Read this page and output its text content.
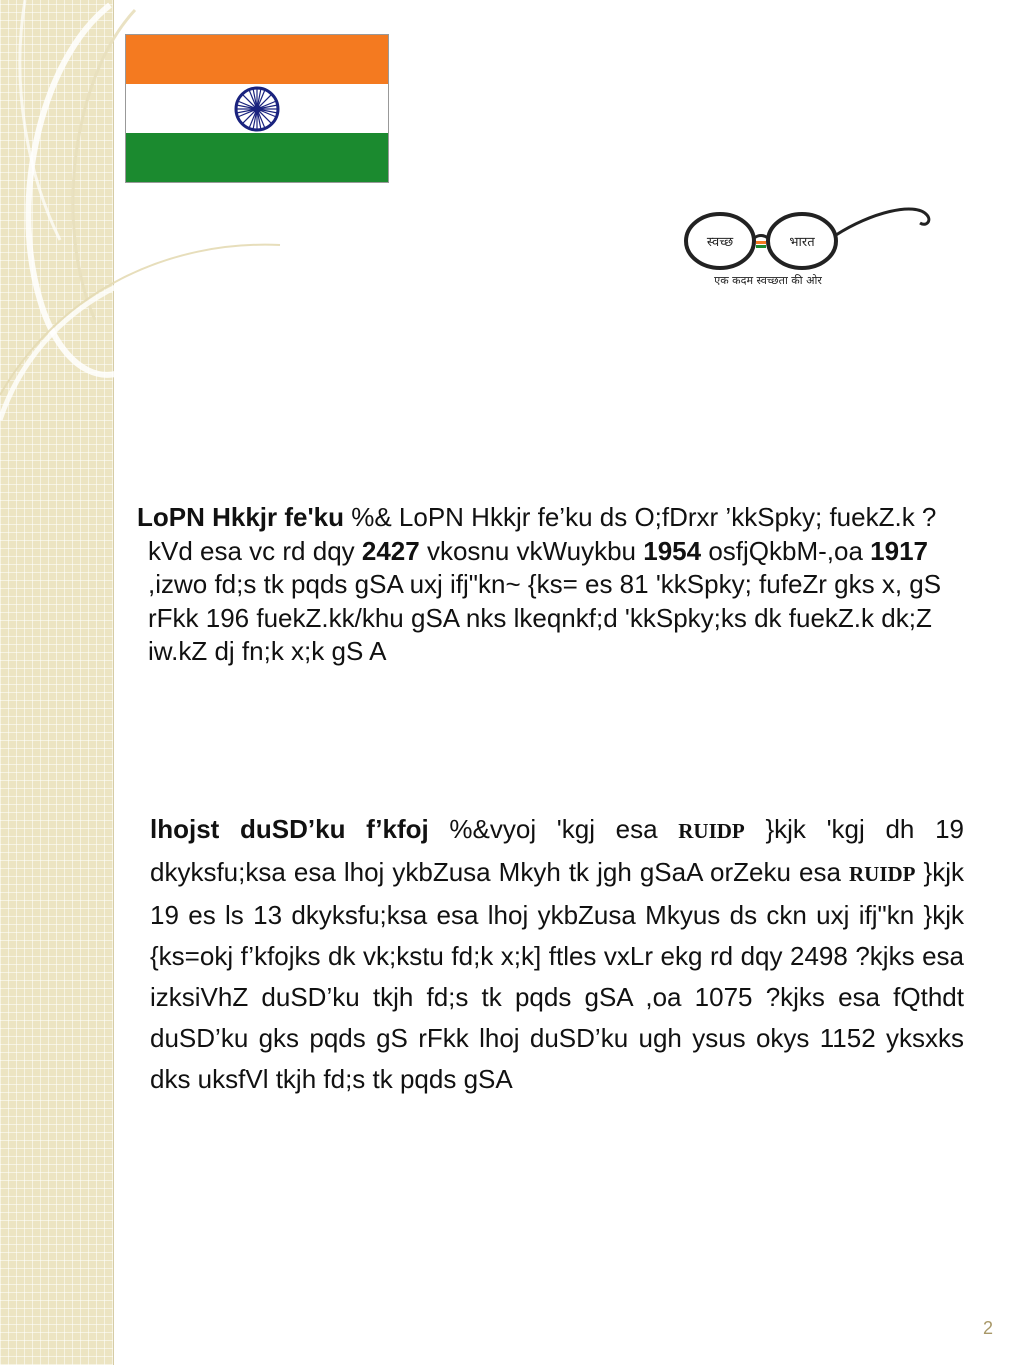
स्वच्छ	भारत
एक कदम स्वच्छता की ओर
LoPN Hkkjr fe'ku %& LoPN Hkkjr fe’ku ds O;fDrxr ’kkSpky; fuekZ.k ?kVd esa vc rd dqy 2427 vkosnu vkWuykbu 1954 osfjQkbM-,oa 1917 ,izwo fd;s tk pqds gSA uxj ifj"kn~ {ks= es 81 'kkSpky; fufeZr gks x, gS rFkk 196 fuekZ.kk/khu gSA nks lkeqnkf;d 'kkSpky;ks dk fuekZ.k dk;Z iw.kZ dj fn;k x;k gS A
lhojst duSD’ku f’kfoj %&vyoj 'kgj esa RUIDP }kjk 'kgj dh 19 dkyksfu;ksa esa lhoj ykbZusa Mkyh tk jgh gSaA orZeku esa RUIDP }kjk 19 es ls 13 dkyksfu;ksa esa lhoj ykbZusa Mkyus ds ckn uxj ifj"kn }kjk {ks=okj f’kfojks dk vk;kstu fd;k x;k] ftles vxLr ekg rd dqy 2498 ?kjks esa izksiVhZ duSD’ku tkjh fd;s tk pqds gSA ,oa 1075 ?kjks esa fQthdt duSD’ku gks pqds gS rFkk lhoj duSD’ku ugh ysus okys 1152 yksxks dks uksfVl tkjh fd;s tk pqds gSA
2
